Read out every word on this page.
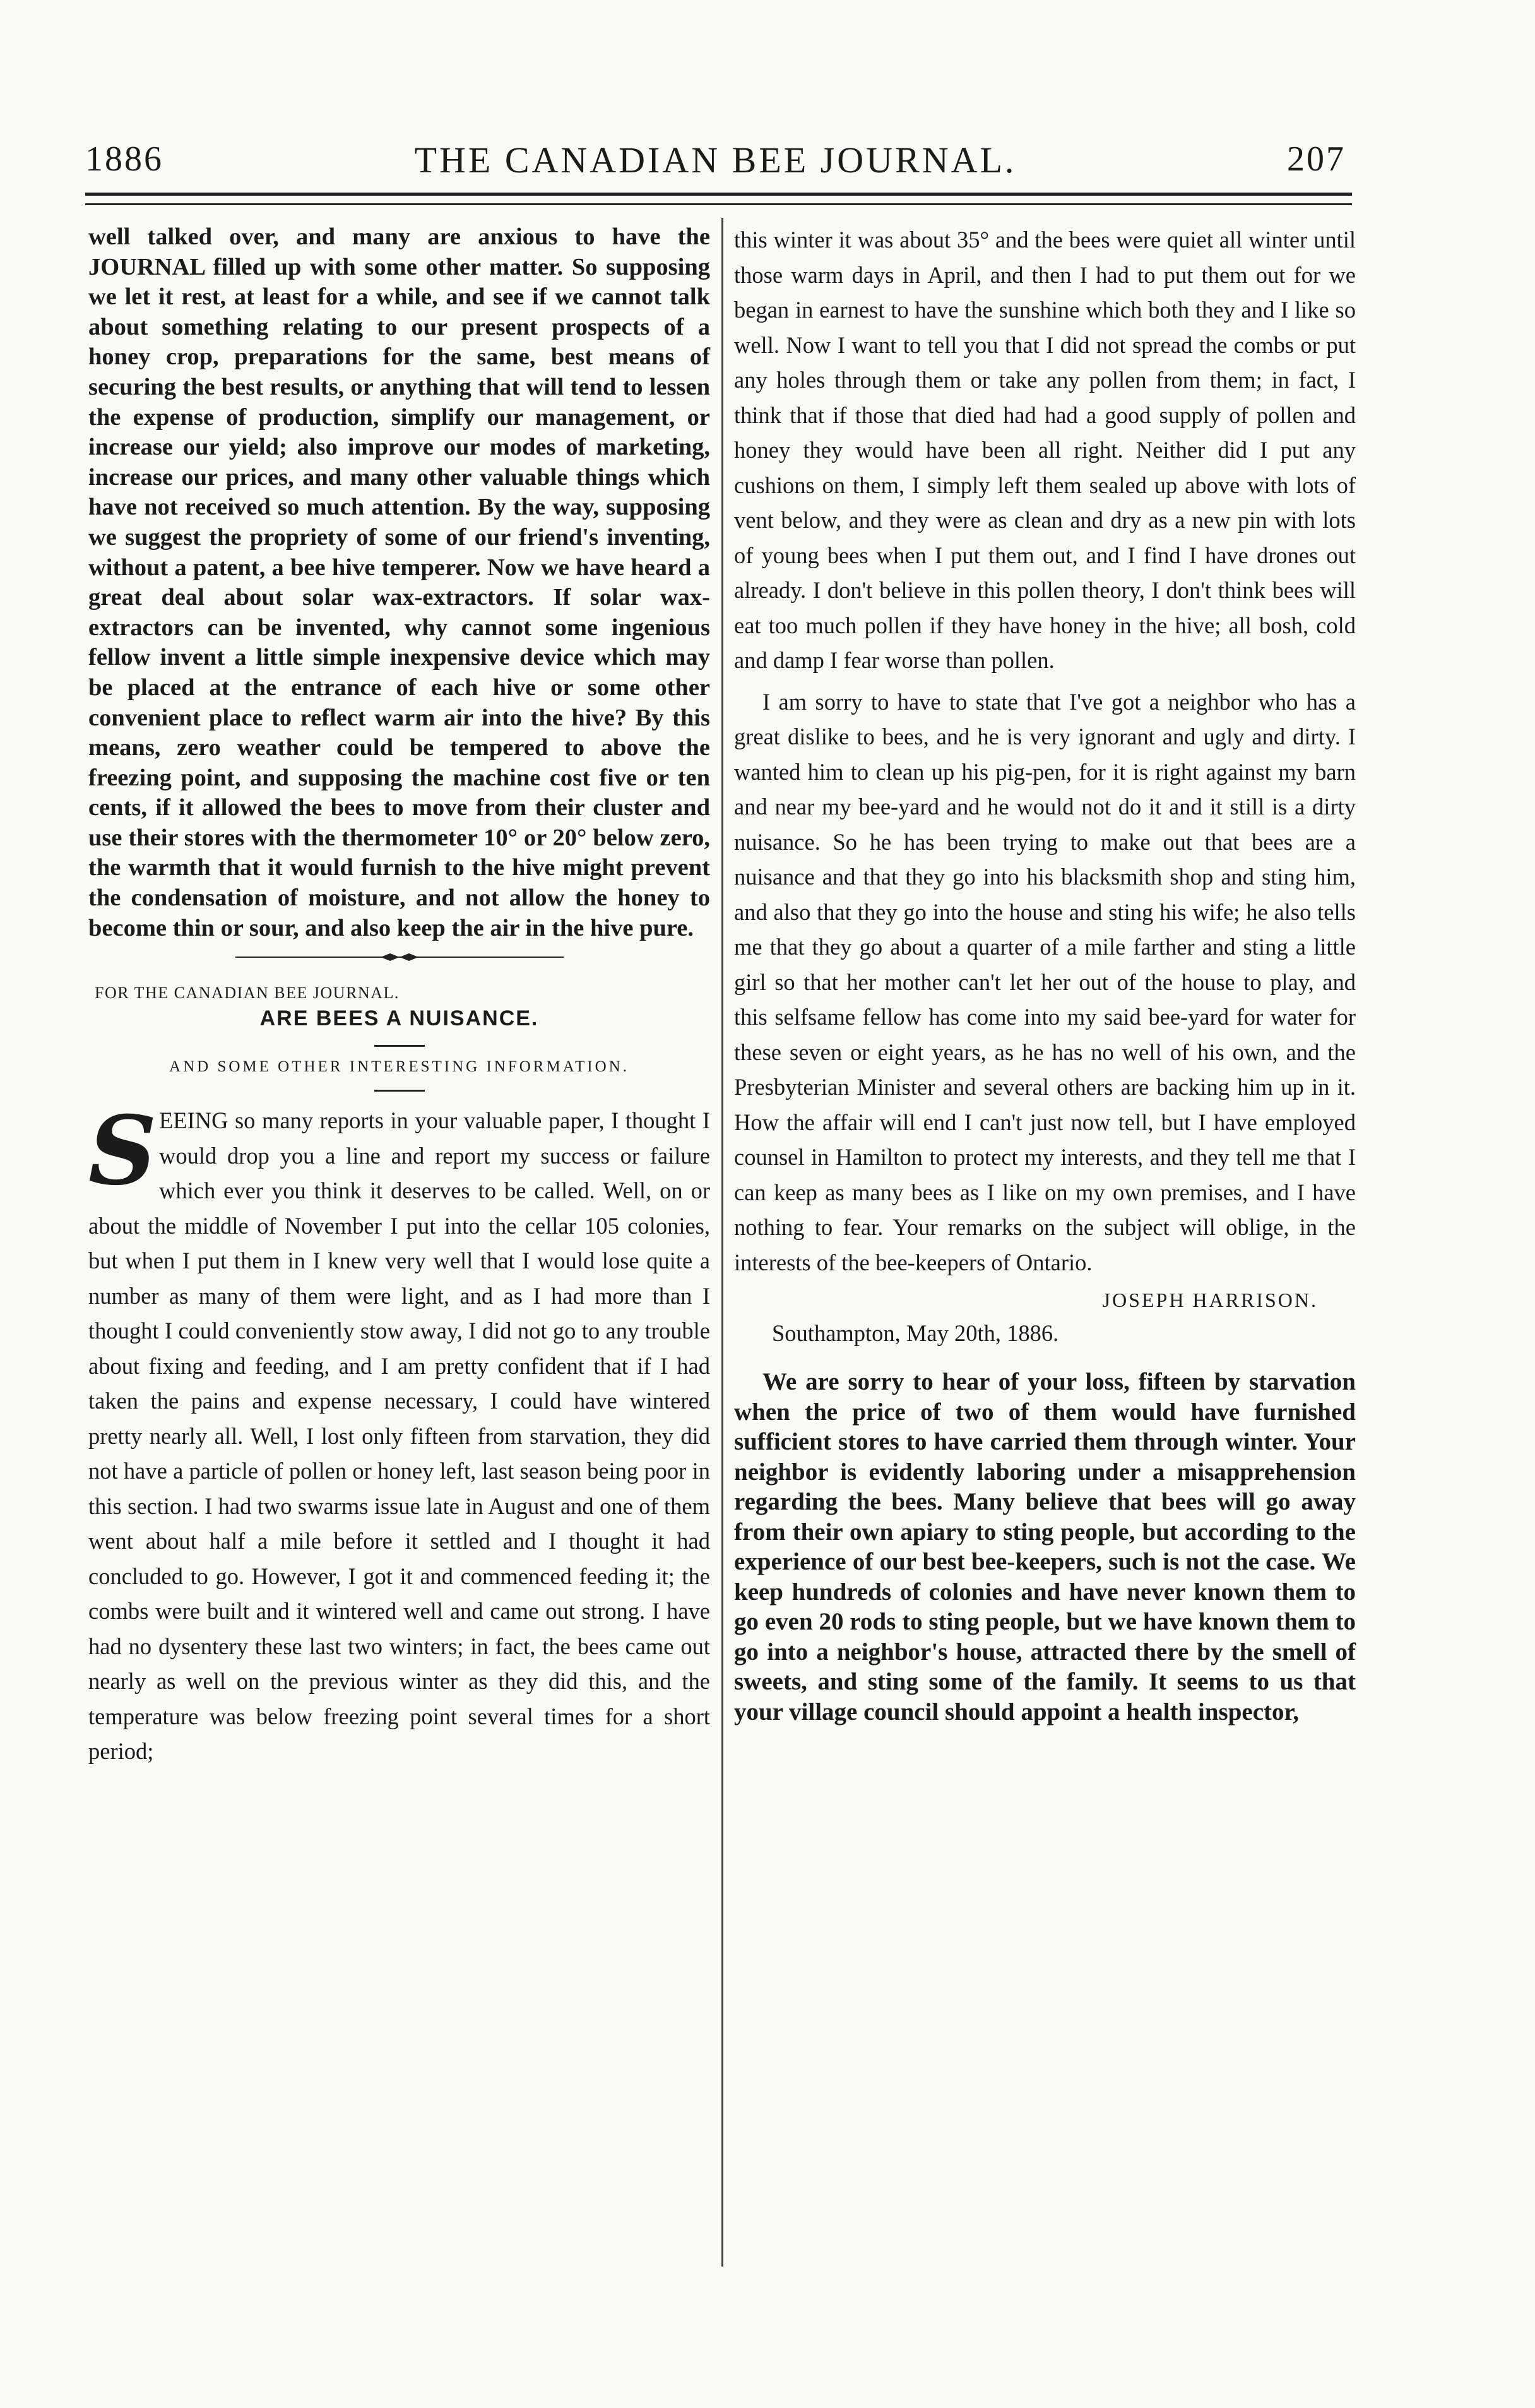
1886	THE CANADIAN BEE JOURNAL.	207

well talked over, and many are anxious to have the JOURNAL filled up with some other matter. So supposing we let it rest, at least for a while, and see if we cannot talk about something relating to our present prospects of a honey crop, preparations for the same, best means of securing the best results, or anything that will tend to lessen the expense of production, simplify our management, or increase our yield; also improve our modes of marketing, increase our prices, and many other valuable things which have not received so much attention. By the way, supposing we suggest the propriety of some of our friend's inventing, without a patent, a bee hive temperer. Now we have heard a great deal about solar wax-extractors. If solar wax-extractors can be invented, why cannot some ingenious fellow invent a little simple inexpensive device which may be placed at the entrance of each hive or some other convenient place to reflect warm air into the hive? By this means, zero weather could be tempered to above the freezing point, and supposing the machine cost five or ten cents, if it allowed the bees to move from their cluster and use their stores with the thermometer 10° or 20° below zero, the warmth that it would furnish to the hive might prevent the condensation of moisture, and not allow the honey to become thin or sour, and also keep the air in the hive pure.

FOR THE CANADIAN BEE JOURNAL.
ARE BEES A NUISANCE.
AND SOME OTHER INTERESTING INFORMATION.
S EEING so many reports in your valuable paper, I thought I would drop you a line and report my success or failure which ever you think it deserves to be called. Well, on or about the middle of November I put into the cellar 105 colonies, but when I put them in I knew very well that I would lose quite a number as many of them were light, and as I had more than I thought I could conveniently stow away, I did not go to any trouble about fixing and feeding, and I am pretty confident that if I had taken the pains and expense necessary, I could have wintered pretty nearly all. Well, I lost only fifteen from starvation, they did not have a particle of pollen or honey left, last season being poor in this section. I had two swarms issue late in August and one of them went about half a mile before it settled and I thought it had concluded to go. However, I got it and commenced feeding it; the combs were built and it wintered well and came out strong. I have had no dysentery these last two winters; in fact, the bees came out nearly as well on the previous winter as they did this, and the temperature was below freezing point several times for a short period;

this winter it was about 35° and the bees were quiet all winter until those warm days in April, and then I had to put them out for we began in earnest to have the sunshine which both they and I like so well. Now I want to tell you that I did not spread the combs or put any holes through them or take any pollen from them; in fact, I think that if those that died had had a good supply of pollen and honey they would have been all right. Neither did I put any cushions on them, I simply left them sealed up above with lots of vent below, and they were as clean and dry as a new pin with lots of young bees when I put them out, and I find I have drones out already. I don't believe in this pollen theory, I don't think bees will eat too much pollen if they have honey in the hive; all bosh, cold and damp I fear worse than pollen.

I am sorry to have to state that I've got a neighbor who has a great dislike to bees, and he is very ignorant and ugly and dirty. I wanted him to clean up his pig-pen, for it is right against my barn and near my bee-yard and he would not do it and it still is a dirty nuisance. So he has been trying to make out that bees are a nuisance and that they go into his blacksmith shop and sting him, and also that they go into the house and sting his wife; he also tells me that they go about a quarter of a mile farther and sting a little girl so that her mother can't let her out of the house to play, and this selfsame fellow has come into my said bee-yard for water for these seven or eight years, as he has no well of his own, and the Presbyterian Minister and several others are backing him up in it. How the affair will end I can't just now tell, but I have employed counsel in Hamilton to protect my interests, and they tell me that I can keep as many bees as I like on my own premises, and I have nothing to fear. Your remarks on the subject will oblige, in the interests of the bee-keepers of Ontario.

JOSEPH HARRISON.
Southampton, May 20th, 1886.

We are sorry to hear of your loss, fifteen by starvation when the price of two of them would have furnished sufficient stores to have carried them through winter. Your neighbor is evidently laboring under a misapprehension regarding the bees. Many believe that bees will go away from their own apiary to sting people, but according to the experience of our best bee-keepers, such is not the case. We keep hundreds of colonies and have never known them to go even 20 rods to sting people, but we have known them to go into a neighbor's house, attracted there by the smell of sweets, and sting some of the family. It seems to us that your village council should appoint a health inspector,
